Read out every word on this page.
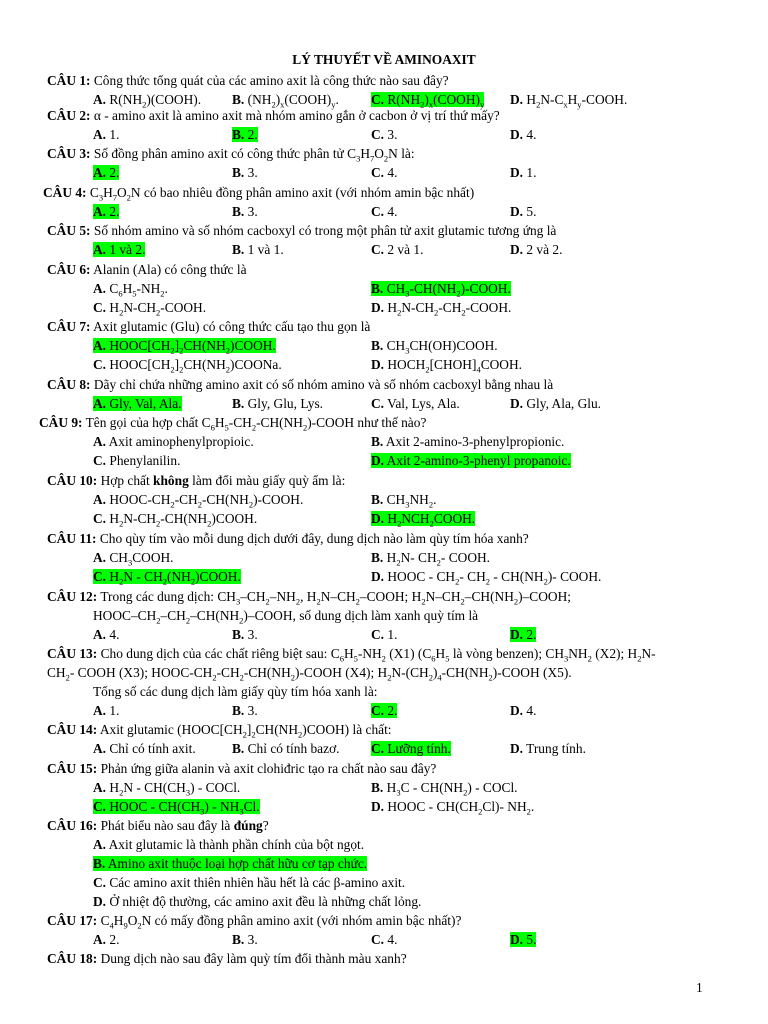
LÝ THUYẾT VỀ AMINOAXIT
CÂU 1: Công thức tổng quát của các amino axit là công thức nào sau đây?
A. $R(NH_2)(COOH)$. B. $(NH_2)_x(COOH)_y$. C. $R(NH_2)_x(COOH)_y$ D. $H_2N-C_xH_y$-COOH.
CÂU 2: α - amino axit là amino axit mà nhóm amino gắn ở cacbon ở vị trí thứ mấy?
A. 1.	B. 2.	C. 3.	D. 4.
CÂU 3: Số đồng phân amino axit có công thức phân tử $C_3H_7O_2N$ là:
A. 2.	B. 3.	C. 4.	D. 1.
CÂU 4: $C_3H_7O_2N$ có bao nhiêu đồng phân amino axit (với nhóm amin bậc nhất)
A. 2.	B. 3.	C. 4.	D. 5.
CÂU 5: Số nhóm amino và số nhóm cacboxyl có trong một phân tử axit glutamic tương ứng là
A. 1 và 2.	B. 1 và 1.	C. 2 và 1.	D. 2 và 2.
CÂU 6: Alanin (Ala) có công thức là
A. $C_6H_5-NH_2$.	B. $CH_3-CH(NH_2)$-COOH.
C. $H_2N-CH_2$-COOH.	D. $H_2N-CH_2-CH_2$-COOH.
CÂU 7: Axit glutamic (Glu) có công thức cấu tạo thu gọn là
A. $HOOC[CH_2]_2CH(NH_2)COOH$.	B. $CH_3CH(OH)COOH$.
C. $HOOC[CH_2]_2CH(NH_2)COONa$.	D. $HOCH_2[CHOH]_4COOH$.
CÂU 8: Dãy chỉ chứa những amino axit có số nhóm amino và số nhóm cacboxyl bằng nhau là
A. Gly, Val, Ala.	B. Gly, Glu, Lys.	C. Val, Lys, Ala.	D. Gly, Ala, Glu.
CÂU 9: Tên gọi của hợp chất $C_6H_5-CH_2-CH(NH_2)$-COOH như thế nào?
A. Axit aminophenylpropioic.	B. Axit 2-amino-3-phenylpropionic.
C. Phenylanilin.	D. Axit 2-amino-3-phenyl propanoic.
CÂU 10: Hợp chất không làm đổi màu giấy quỳ ẩm là:
A. HOOC-$CH_2-CH_2-CH(NH_2)$-COOH.	B. $CH_3NH_2$.
C. $H_2N-CH_2-CH(NH_2)COOH$.	D. $H_2NCH_2COOH$.
CÂU 11: Cho qùy tím vào mỗi dung dịch dưới đây, dung dịch nào làm qùy tím hóa xanh?
A. $CH_3COOH$.	B. $H_2N-$ $CH_2-$ COOH.
C. $H_2N$ - $CH_2(NH_2)COOH$.	D. HOOC - $CH_2-$ $CH_2 - CH(NH_2)-$ COOH.
CÂU 12: Trong các dung dịch: $CH_3-CH_2-NH_2$, $H_2N-CH_2$–COOH; $H_2N-CH_2-CH(NH_2)$–COOH;
HOOC–$CH_2-CH_2-CH(NH_2)$–COOH, số dung dịch làm xanh quỳ tím là
A. 4.	B. 3.	C. 1.	D. 2.
CÂU 13: Cho dung dịch của các chất riêng biệt sau: $C_6H_5-NH_2$ (X1) ($C_6H_5$ là vòng benzen); $CH_3NH_2$ (X2); $H_2N-$
$CH_2-$ COOH (X3); HOOC-$CH_2-CH_2-CH(NH_2)$-COOH (X4); $H_2N-(CH_2)_4-CH(NH_2)$-COOH (X5).
Tổng số các dung dịch làm giấy qùy tím hóa xanh là:
A. 1.	B. 3.	C. 2.	D. 4.
CÂU 14: Axit glutamic $(HOOC[CH_2]_2CH(NH_2)COOH)$ là chất:
A. Chỉ có tính axit.	B. Chỉ có tính bazơ. C. Lưỡng tính.	D. Trung tính.
CÂU 15: Phản ứng giữa alanin và axit clohiđric tạo ra chất nào sau đây?
A. $H_2N - CH(CH_3)$ - COCl.	B. $H_3C - CH(NH_2)$ - COCl.
C. HOOC - $CH(CH_3) - NH_3Cl$.	D. HOOC - $CH(CH_2Cl)-$ $NH_2$.
CÂU 16: Phát biểu nào sau đây là đúng?
A. Axit glutamic là thành phần chính của bột ngọt.
B. Amino axit thuộc loại hợp chất hữu cơ tạp chức.
C. Các amino axit thiên nhiên hầu hết là các β-amino axit.
D. Ở nhiệt độ thường, các amino axit đều là những chất lỏng.
CÂU 17: $C_4H_9O_2N$ có mấy đồng phân amino axit (với nhóm amin bậc nhất)?
A. 2.	B. 3.	C. 4.	D. 5.
CÂU 18: Dung dịch nào sau đây làm quỳ tím đổi thành màu xanh?
1
